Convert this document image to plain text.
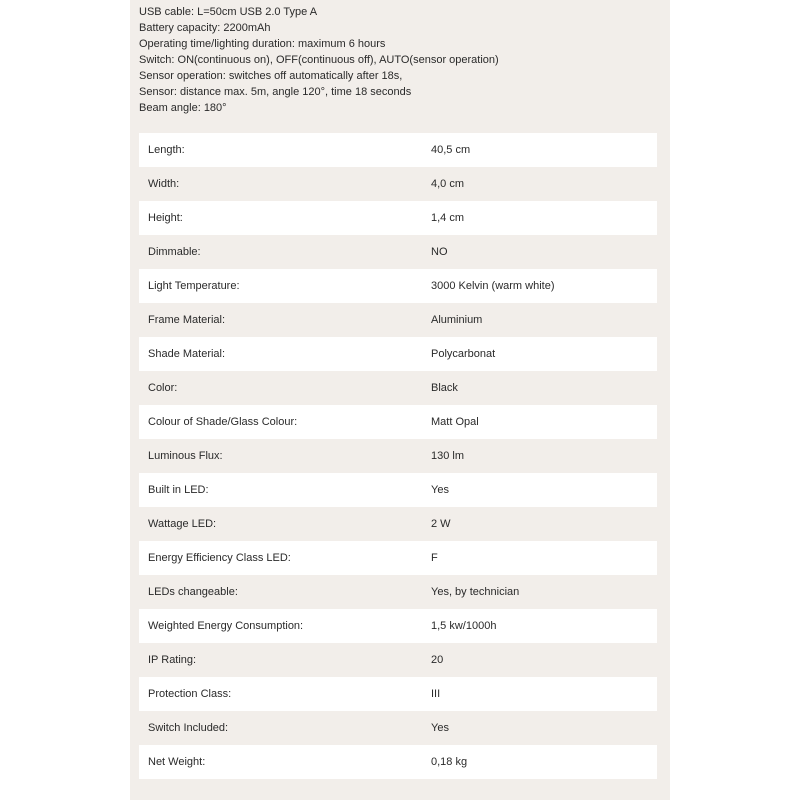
USB cable: L=50cm USB 2.0 Type A
Battery capacity: 2200mAh
Operating time/lighting duration: maximum 6 hours
Switch: ON(continuous on), OFF(continuous off), AUTO(sensor operation)
Sensor operation: switches off automatically after 18s,
Sensor: distance max. 5m, angle 120°, time 18 seconds
Beam angle: 180°
Length:	40,5 cm
Width:	4,0 cm
Height:	1,4 cm
Dimmable:	NO
Light Temperature:	3000 Kelvin (warm white)
Frame Material:	Aluminium
Shade Material:	Polycarbonat
Color:	Black
Colour of Shade/Glass Colour:	Matt Opal
Luminous Flux:	130 lm
Built in LED:	Yes
Wattage LED:	2 W
Energy Efficiency Class LED:	F
LEDs changeable:	Yes, by technician
Weighted Energy Consumption:	1,5 kw/1000h
IP Rating:	20
Protection Class:	III
Switch Included:	Yes
Net Weight:	0,18 kg
